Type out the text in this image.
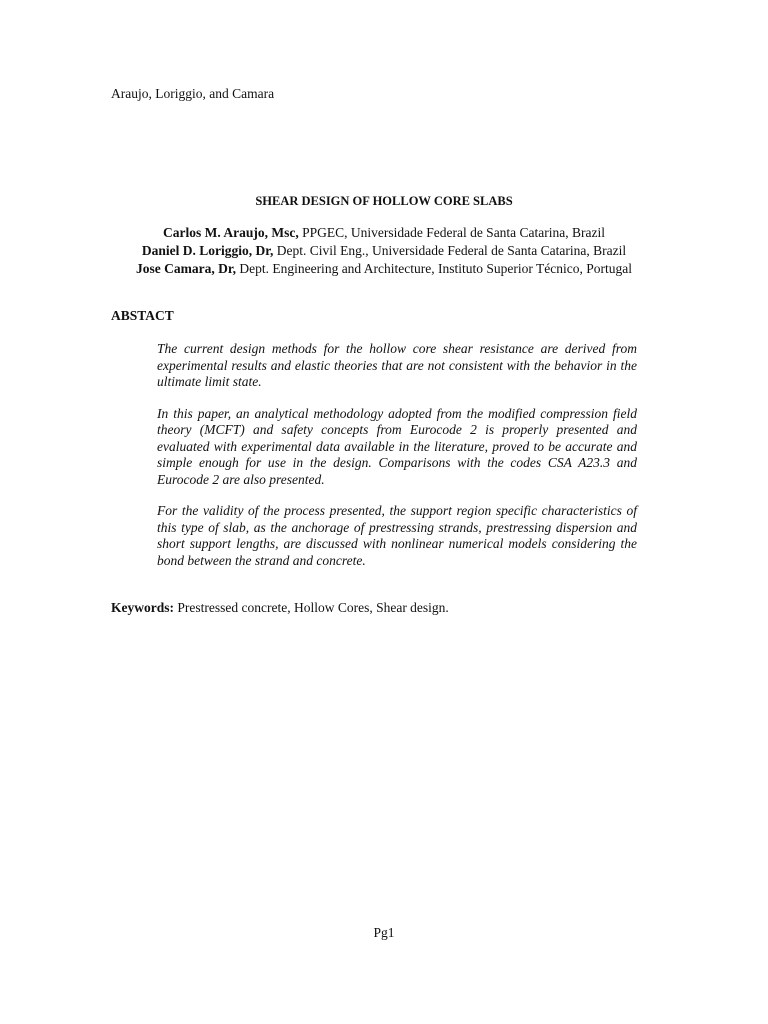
Araujo, Loriggio, and Camara
SHEAR DESIGN OF HOLLOW CORE SLABS
Carlos M. Araujo, Msc, PPGEC, Universidade Federal de Santa Catarina, Brazil
Daniel D. Loriggio, Dr, Dept. Civil Eng., Universidade Federal de Santa Catarina, Brazil
Jose Camara, Dr, Dept. Engineering and Architecture, Instituto Superior Técnico, Portugal
ABSTACT

The current design methods for the hollow core shear resistance are derived from experimental results and elastic theories that are not consistent with the behavior in the ultimate limit state.

In this paper, an analytical methodology adopted from the modified compression field theory (MCFT) and safety concepts from Eurocode 2 is properly presented and evaluated with experimental data available in the literature, proved to be accurate and simple enough for use in the design. Comparisons with the codes CSA A23.3 and Eurocode 2 are also presented.

For the validity of the process presented, the support region specific characteristics of this type of slab, as the anchorage of prestressing strands, prestressing dispersion and short support lengths, are discussed with nonlinear numerical models considering the bond between the strand and concrete.

Keywords: Prestressed concrete, Hollow Cores, Shear design.
Pg1
